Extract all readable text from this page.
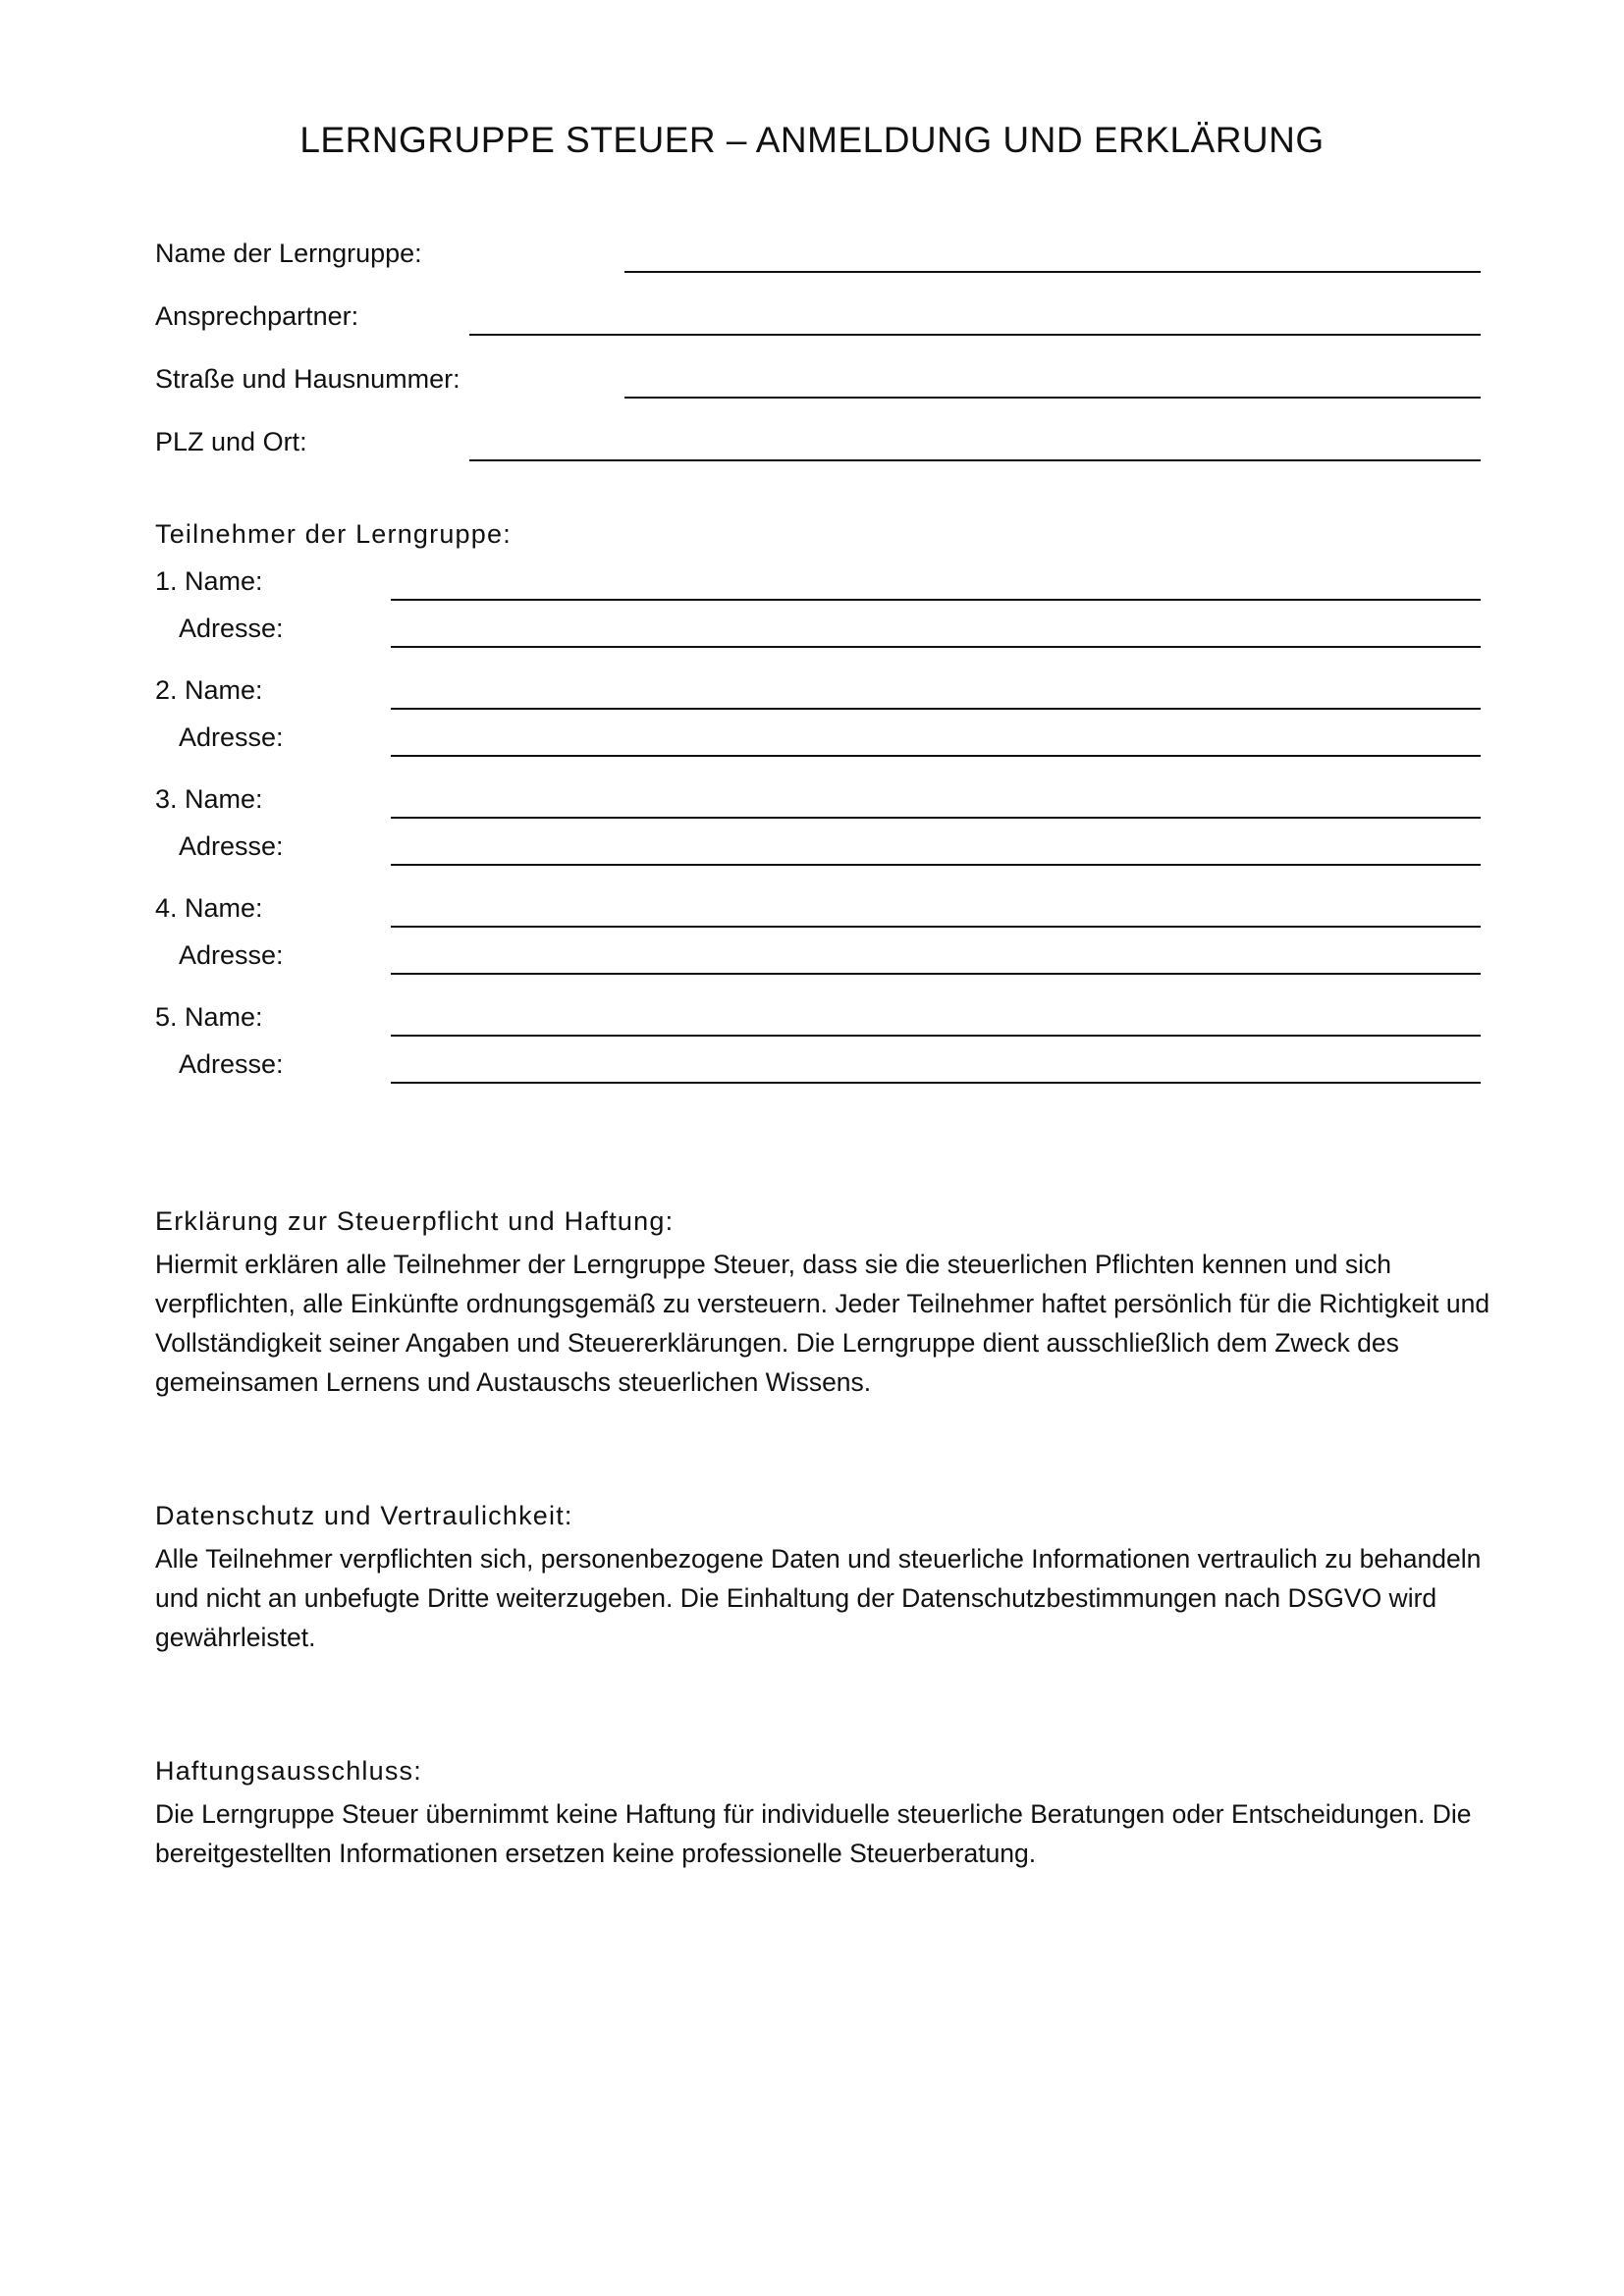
LERNGRUPPE STEUER – ANMELDUNG UND ERKLÄRUNG
Name der Lerngruppe:
Ansprechpartner:
Straße und Hausnummer:
PLZ und Ort:
Teilnehmer der Lerngruppe:
1. Name:
Adresse:
2. Name:
Adresse:
3. Name:
Adresse:
4. Name:
Adresse:
5. Name:
Adresse:
Erklärung zur Steuerpflicht und Haftung:

Hiermit erklären alle Teilnehmer der Lerngruppe Steuer, dass sie die steuerlichen Pflichten kennen und sich verpflichten, alle Einkünfte ordnungsgemäß zu versteuern. Jeder Teilnehmer haftet persönlich für die Richtigkeit und Vollständigkeit seiner Angaben und Steuererklärungen. Die Lerngruppe dient ausschließlich dem Zweck des gemeinsamen Lernens und Austauschs steuerlichen Wissens.

Datenschutz und Vertraulichkeit:

Alle Teilnehmer verpflichten sich, personenbezogene Daten und steuerliche Informationen vertraulich zu behandeln und nicht an unbefugte Dritte weiterzugeben. Die Einhaltung der Datenschutzbestimmungen nach DSGVO wird gewährleistet.

Haftungsausschluss:

Die Lerngruppe Steuer übernimmt keine Haftung für individuelle steuerliche Beratungen oder Entscheidungen. Die bereitgestellten Informationen ersetzen keine professionelle Steuerberatung.
